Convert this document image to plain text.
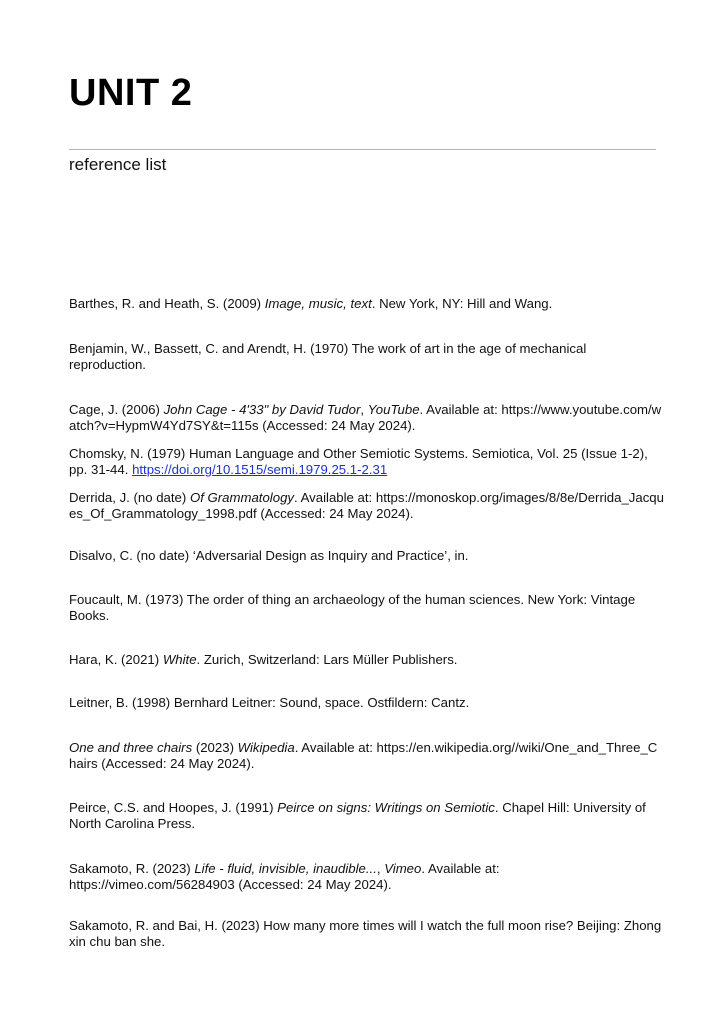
UNIT 2
reference list

Barthes, R. and Heath, S. (2009) Image, music, text. New York, NY: Hill and Wang.

Benjamin, W., Bassett, C. and Arendt, H. (1970) The work of art in the age of mechanical reproduction.

Cage, J. (2006) John Cage - 4'33" by David Tudor, YouTube. Available at: https://www.youtube.com/watch?v=HypmW4Yd7SY&t=115s (Accessed: 24 May 2024).

Chomsky, N. (1979) Human Language and Other Semiotic Systems. Semiotica, Vol. 25 (Issue 1-2), pp. 31-44. https://doi.org/10.1515/semi.1979.25.1-2.31

Derrida, J. (no date) Of Grammatology. Available at: https://monoskop.org/images/8/8e/Derrida_Jacques_Of_Grammatology_1998.pdf (Accessed: 24 May 2024).

Disalvo, C. (no date) ‘Adversarial Design as Inquiry and Practice’, in.

Foucault, M. (1973) The order of thing an archaeology of the human sciences. New York: Vintage Books.

Hara, K. (2021) White. Zurich, Switzerland: Lars Müller Publishers.

Leitner, B. (1998) Bernhard Leitner: Sound, space. Ostfildern: Cantz.

One and three chairs (2023) Wikipedia. Available at: https://en.wikipedia.org//wiki/One_and_Three_Chairs (Accessed: 24 May 2024).

Peirce, C.S. and Hoopes, J. (1991) Peirce on signs: Writings on Semiotic. Chapel Hill: University of North Carolina Press.

Sakamoto, R. (2023) Life - fluid, invisible, inaudible..., Vimeo. Available at: https://vimeo.com/56284903 (Accessed: 24 May 2024).

Sakamoto, R. and Bai, H. (2023) How many more times will I watch the full moon rise? Beijing: Zhong xin chu ban she.
